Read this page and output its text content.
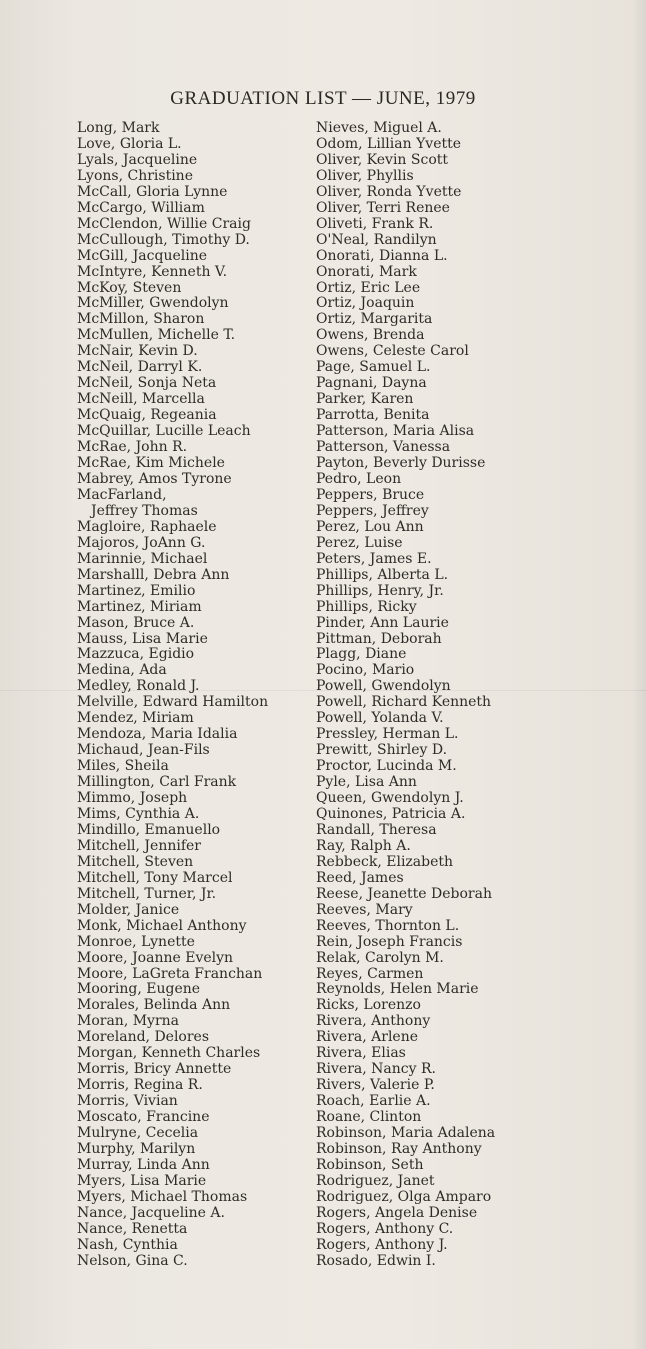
GRADUATION LIST — JUNE, 1979
Long, Mark
Love, Gloria L.
Lyals, Jacqueline
Lyons, Christine
McCall, Gloria Lynne
McCargo, William
McClendon, Willie Craig
McCullough, Timothy D.
McGill, Jacqueline
McIntyre, Kenneth V.
McKoy, Steven
McMiller, Gwendolyn
McMillon, Sharon
McMullen, Michelle T.
McNair, Kevin D.
McNeil, Darryl K.
McNeil, Sonja Neta
McNeill, Marcella
McQuaig, Regeania
McQuillar, Lucille Leach
McRae, John R.
McRae, Kim Michele
Mabrey, Amos Tyrone
MacFarland,
Jeffrey Thomas
Magloire, Raphaele
Majoros, JoAnn G.
Marinnie, Michael
Marshalll, Debra Ann
Martinez, Emilio
Martinez, Miriam
Mason, Bruce A.
Mauss, Lisa Marie
Mazzuca, Egidio
Medina, Ada
Medley, Ronald J.
Melville, Edward Hamilton
Mendez, Miriam
Mendoza, Maria Idalia
Michaud, Jean-Fils
Miles, Sheila
Millington, Carl Frank
Mimmo, Joseph
Mims, Cynthia A.
Mindillo, Emanuello
Mitchell, Jennifer
Mitchell, Steven
Mitchell, Tony Marcel
Mitchell, Turner, Jr.
Molder, Janice
Monk, Michael Anthony
Monroe, Lynette
Moore, Joanne Evelyn
Moore, LaGreta Franchan
Mooring, Eugene
Morales, Belinda Ann
Moran, Myrna
Moreland, Delores
Morgan, Kenneth Charles
Morris, Bricy Annette
Morris, Regina R.
Morris, Vivian
Moscato, Francine
Mulryne, Cecelia
Murphy, Marilyn
Murray, Linda Ann
Myers, Lisa Marie
Myers, Michael Thomas
Nance, Jacqueline A.
Nance, Renetta
Nash, Cynthia
Nelson, Gina C.
Nieves, Miguel A.
Odom, Lillian Yvette
Oliver, Kevin Scott
Oliver, Phyllis
Oliver, Ronda Yvette
Oliver, Terri Renee
Oliveti, Frank R.
O'Neal, Randilyn
Onorati, Dianna L.
Onorati, Mark
Ortiz, Eric Lee
Ortiz, Joaquin
Ortiz, Margarita
Owens, Brenda
Owens, Celeste Carol
Page, Samuel L.
Pagnani, Dayna
Parker, Karen
Parrotta, Benita
Patterson, Maria Alisa
Patterson, Vanessa
Payton, Beverly Durisse
Pedro, Leon
Peppers, Bruce
Peppers, Jeffrey
Perez, Lou Ann
Perez, Luise
Peters, James E.
Phillips, Alberta L.
Phillips, Henry, Jr.
Phillips, Ricky
Pinder, Ann Laurie
Pittman, Deborah
Plagg, Diane
Pocino, Mario
Powell, Gwendolyn
Powell, Richard Kenneth
Powell, Yolanda V.
Pressley, Herman L.
Prewitt, Shirley D.
Proctor, Lucinda M.
Pyle, Lisa Ann
Queen, Gwendolyn J.
Quinones, Patricia A.
Randall, Theresa
Ray, Ralph A.
Rebbeck, Elizabeth
Reed, James
Reese, Jeanette Deborah
Reeves, Mary
Reeves, Thornton L.
Rein, Joseph Francis
Relak, Carolyn M.
Reyes, Carmen
Reynolds, Helen Marie
Ricks, Lorenzo
Rivera, Anthony
Rivera, Arlene
Rivera, Elias
Rivera, Nancy R.
Rivers, Valerie P.
Roach, Earlie A.
Roane, Clinton
Robinson, Maria Adalena
Robinson, Ray Anthony
Robinson, Seth
Rodriguez, Janet
Rodriguez, Olga Amparo
Rogers, Angela Denise
Rogers, Anthony C.
Rogers, Anthony J.
Rosado, Edwin I.
